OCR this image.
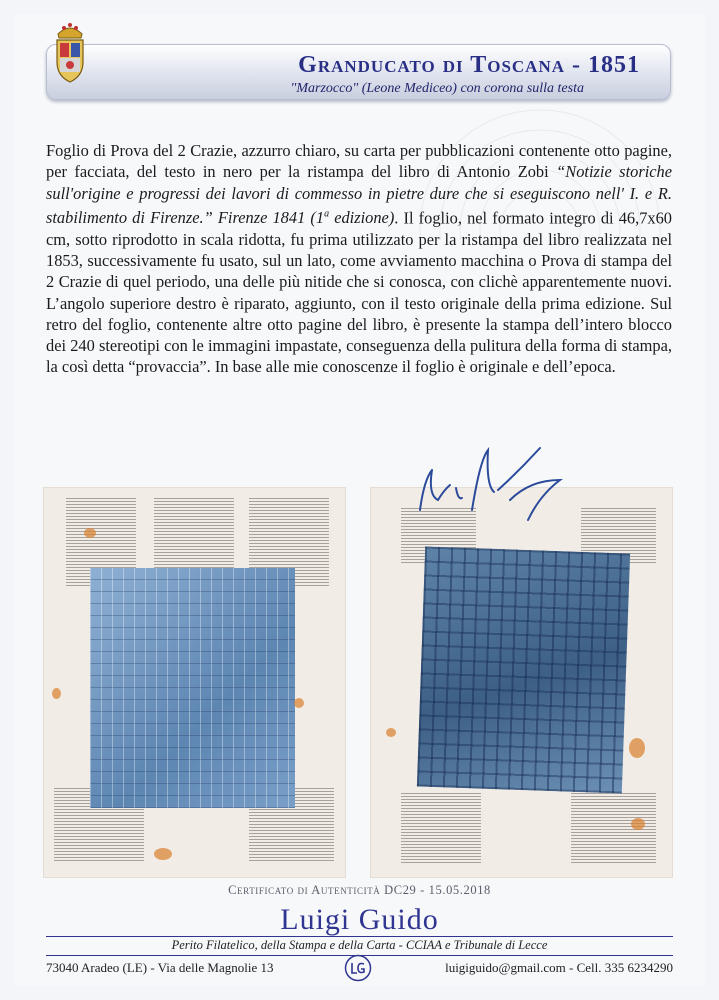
Granducato di Toscana - 1851
"Marzocco" (Leone Mediceo) con corona sulla testa
Foglio di Prova del 2 Crazie, azzurro chiaro, su carta per pubblicazioni contenente otto pagine, per facciata, del testo in nero per la ristampa del libro di Antonio Zobi “Notizie storiche sull'origine e progressi dei lavori di commesso in pietre dure che si eseguiscono nell' I. e R. stabilimento di Firenze.” Firenze 1841 (1$^a$ edizione). Il foglio, nel formato integro di 46,7x60 cm, sotto riprodotto in scala ridotta, fu prima utilizzato per la ristampa del libro realizzata nel 1853, successivamente fu usato, sul un lato, come avviamento macchina o Prova di stampa del 2 Crazie di quel periodo, una delle più nitide che si conosca, con clichè apparentemente nuovi. L’angolo superiore destro è riparato, aggiunto, con il testo originale della prima edizione. Sul retro del foglio, contenente altre otto pagine del libro, è presente la stampa dell’intero blocco dei 240 stereotipi con le immagini impastate, conseguenza della pulitura della forma di stampa, la così detta “provaccia”. In base alle mie conoscenze il foglio è originale e dell’epoca.
Certificato di Autenticità DC29 - 15.05.2018
Luigi Guido
Perito Filatelico, della Stampa e della Carta - CCIAA e Tribunale di Lecce
73040 Aradeo (LE) - Via delle Magnolie 13	luigiguido@gmail.com - Cell. 335 6234290
